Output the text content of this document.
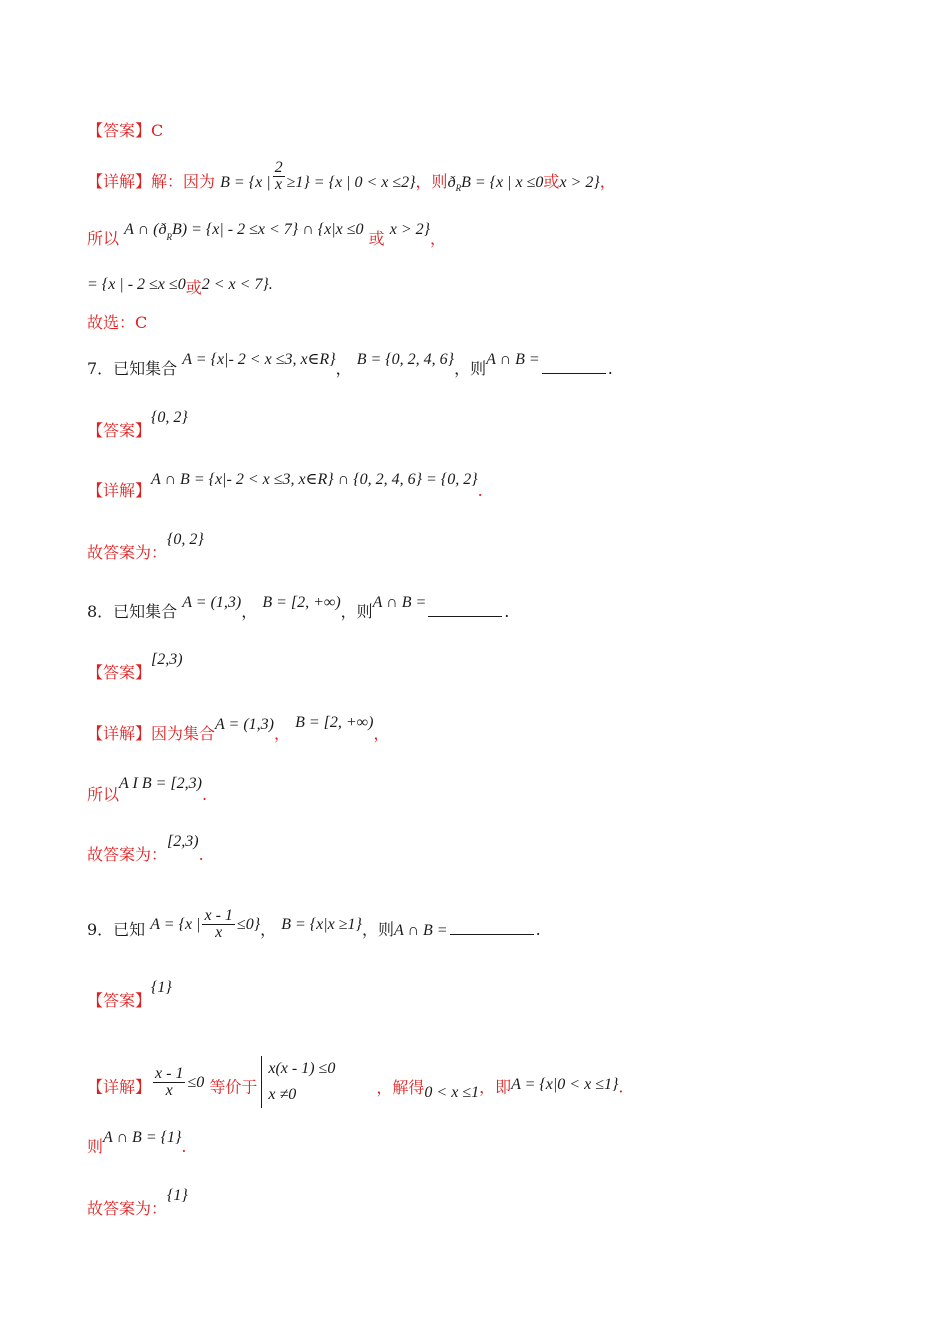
【答案】C
【详解】解：因为 B = {x | $\frac{2}{x} \ge 1\} = \{x$ | 0 < x ≤2}，则$ð_RB = \{x$ | x ≤0或x > 2}，
所以 A ∩ $(ð_RB) = \{x| - 2 \le x < 7\}$ ∩ {x|x ≤0 或 x > 2}，
= {x | - 2 ≤x ≤0或2 < x < 7}.
故选：C
7．已知集合 A = {x|- 2 < x ≤3, x∈R}， B = {0, 2, 4, 6}，则A ∩ B =	.
【答案】{0, 2}
【详解】A ∩ B = {x|- 2 < x ≤3, x∈R} ∩ {0, 2, 4, 6} = {0, 2}.
故答案为：{0, 2}
8．已知集合 A = (1,3)， B = [2, +∞)，则A ∩ B =	.
【答案】[2,3)
【详解】因为集合A = (1,3)， B = [2, +∞)，
所以A I B = [2,3).
故答案为：[2,3).
9．已知 A = {x | $\frac{x - 1}{x} \le 0$}， B = {x|x ≥1}，则A ∩ B =	.
【答案】{1}
【详解】 $\frac{x - 1}{x} \le 0$ 等价于
x(x - 1) ≤0
x ≠0	，解得0 < x ≤1，即A = {x|0 < x ≤1}.
则A ∩ B = {1}.
故答案为：{1}
